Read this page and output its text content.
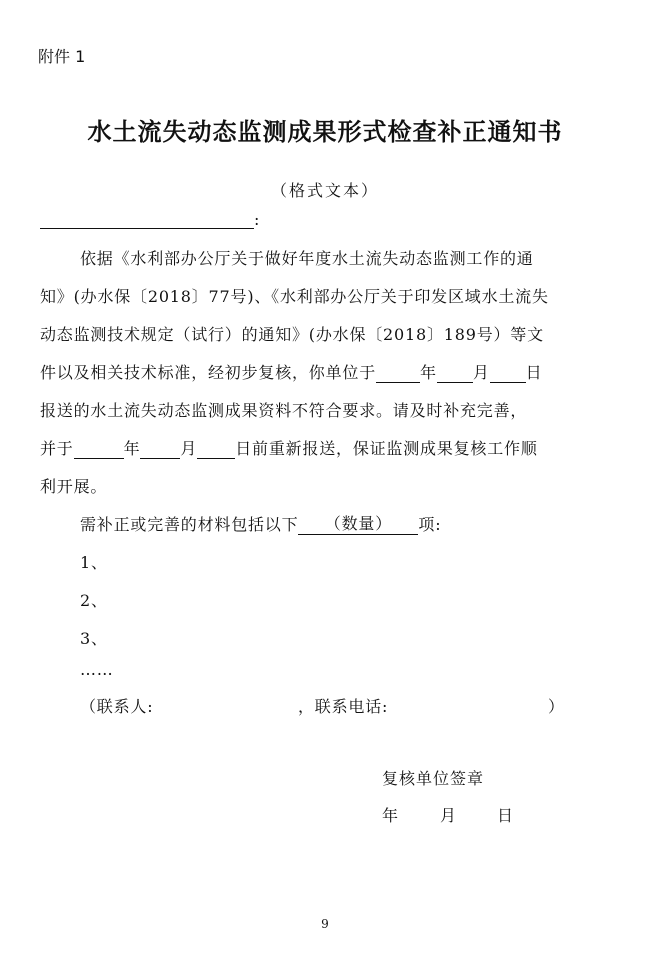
附件 1
水土流失动态监测成果形式检查补正通知书
（格式文本）
:
依据《水利部办公厅关于做好年度水土流失动态监测工作的通
知》(办水保〔2018〕77号)、《水利部办公厅关于印发区域水土流失
动态监测技术规定（试行）的通知》(办水保〔2018〕189号）等文
件以及相关技术标准，经初步复核，你单位于	年 月 日
报送的水土流失动态监测成果资料不符合要求。请及时补充完善，
并于	年	月 日前重新报送，保证监测成果复核工作顺
利开展。
需补正或完善的材料包括以下 （数量） 项:
1、
2、
3、
……
（联系人:	，联系电话:	）
复核单位签章
年	月 日
9
